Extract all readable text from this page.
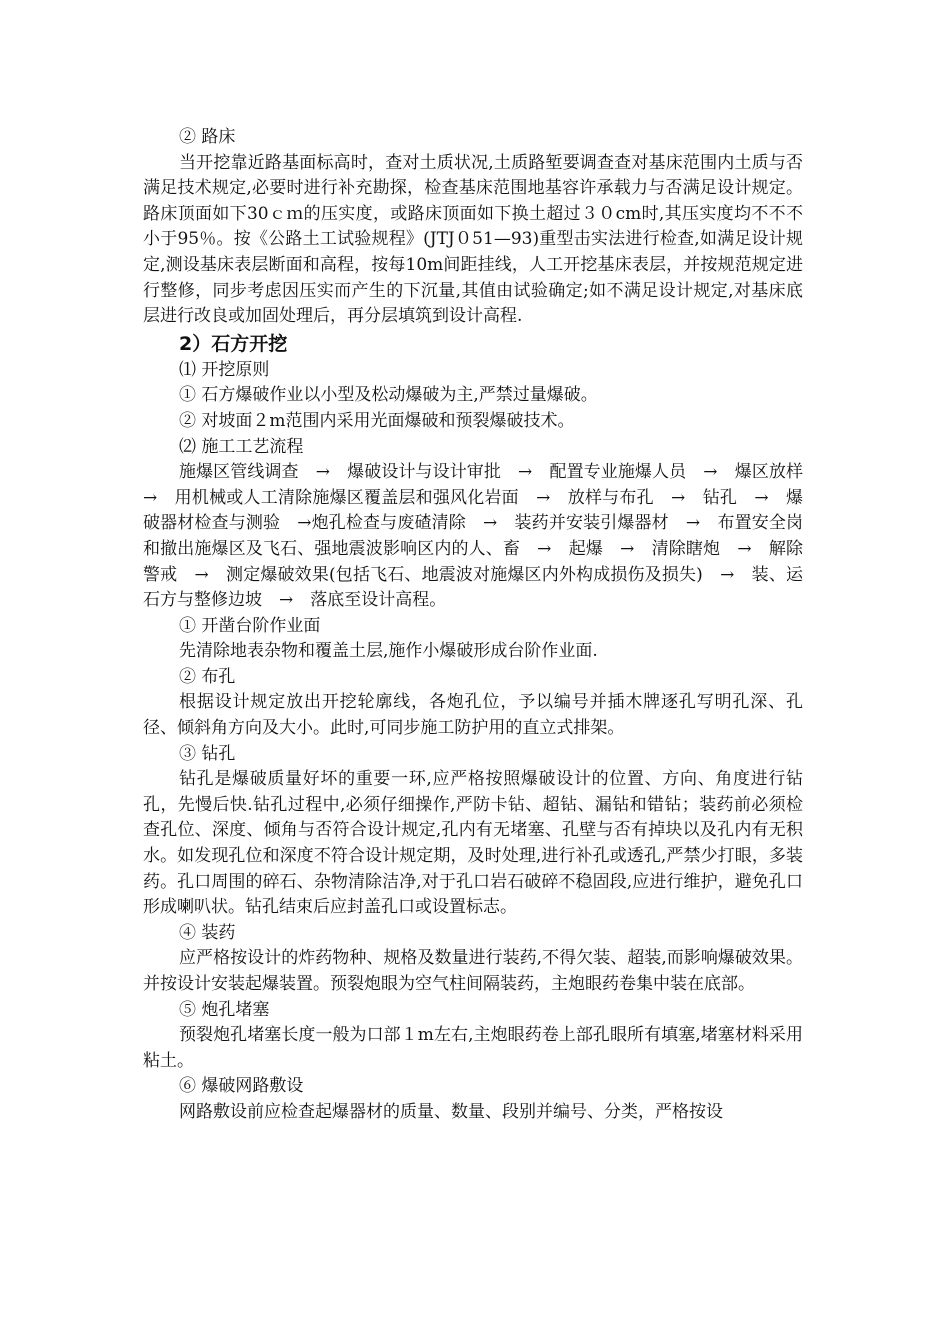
② 路床

当开挖靠近路基面标高时，查对土质状况,土质路堑要调查查对基床范围内土质与否满足技术规定,必要时进行补充勘探，检查基床范围地基容许承载力与否满足设计规定。路床顶面如下30ｃｍ的压实度，或路床顶面如下换土超过３０cm时,其压实度均不不不小于95％。按《公路土工试验规程》(JTJ０51—93)重型击实法进行检查,如满足设计规定,测设基床表层断面和高程，按每10m间距挂线，人工开挖基床表层，并按规范规定进行整修，同步考虑因压实而产生的下沉量,其值由试验确定;如不满足设计规定,对基床底层进行改良或加固处理后，再分层填筑到设计高程.

2）石方开挖

⑴ 开挖原则

① 石方爆破作业以小型及松动爆破为主,严禁过量爆破。

② 对坡面２m范围内采用光面爆破和预裂爆破技术。

⑵ 施工工艺流程

施爆区管线调查　→　爆破设计与设计审批　→　配置专业施爆人员　→　爆区放样　→　用机械或人工清除施爆区覆盖层和强风化岩面　→　放样与布孔　→　钻孔　→　爆破器材检查与测验　→炮孔检查与废碴清除　→　装药并安装引爆器材　→　布置安全岗和撤出施爆区及飞石、强地震波影响区内的人、畜　→　起爆　→　清除瞎炮　→　解除警戒　→　测定爆破效果(包括飞石、地震波对施爆区内外构成损伤及损失)　→　装、运石方与整修边坡　→　落底至设计高程。

① 开凿台阶作业面

先清除地表杂物和覆盖土层,施作小爆破形成台阶作业面.

② 布孔

根据设计规定放出开挖轮廓线，各炮孔位，予以编号并插木牌逐孔写明孔深、孔径、倾斜角方向及大小。此时,可同步施工防护用的直立式排架。

③ 钻孔

钻孔是爆破质量好坏的重要一环,应严格按照爆破设计的位置、方向、角度进行钻孔，先慢后快.钻孔过程中,必须仔细操作,严防卡钻、超钻、漏钻和错钻；装药前必须检查孔位、深度、倾角与否符合设计规定,孔内有无堵塞、孔壁与否有掉块以及孔内有无积水。如发现孔位和深度不符合设计规定期，及时处理,进行补孔或透孔,严禁少打眼，多装药。孔口周围的碎石、杂物清除洁净,对于孔口岩石破碎不稳固段,应进行维护，避免孔口形成喇叭状。钻孔结束后应封盖孔口或设置标志。

④ 装药

应严格按设计的炸药物种、规格及数量进行装药,不得欠装、超装,而影响爆破效果。并按设计安装起爆装置。预裂炮眼为空气柱间隔装药，主炮眼药卷集中装在底部。

⑤ 炮孔堵塞

预裂炮孔堵塞长度一般为口部１m左右,主炮眼药卷上部孔眼所有填塞,堵塞材料采用粘土。

⑥ 爆破网路敷设

网路敷设前应检查起爆器材的质量、数量、段别并编号、分类，严格按设
